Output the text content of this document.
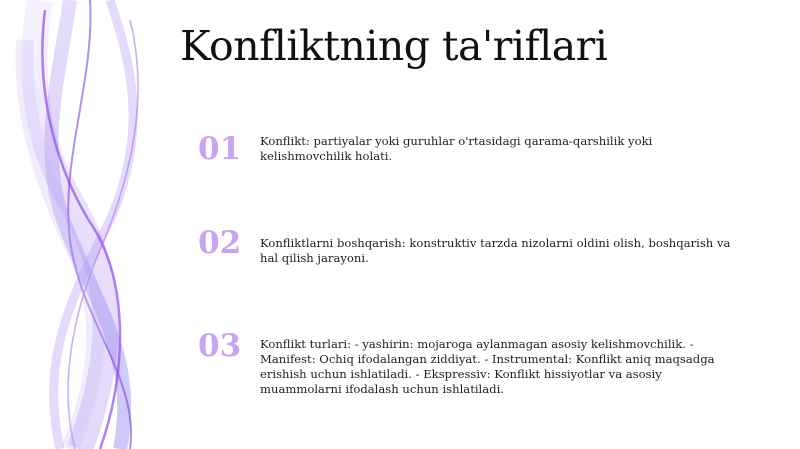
Konfliktning ta'riflari
01 Konflikt: partiyalar yoki guruhlar o'rtasidagi qarama-qarshilik yoki kelishmovchilik holati.
02 Konfliktlarni boshqarish: konstruktiv tarzda nizolarni oldini olish, boshqarish va hal qilish jarayoni.
03 Konflikt turlari: - yashirin: mojaroga aylanmagan asosiy kelishmovchilik. - Manifest: Ochiq ifodalangan ziddiyat. - Instrumental: Konflikt aniq maqsadga erishish uchun ishlatiladi. - Ekspressiv: Konflikt hissiyotlar va asosiy muammolarni ifodalash uchun ishlatiladi.
